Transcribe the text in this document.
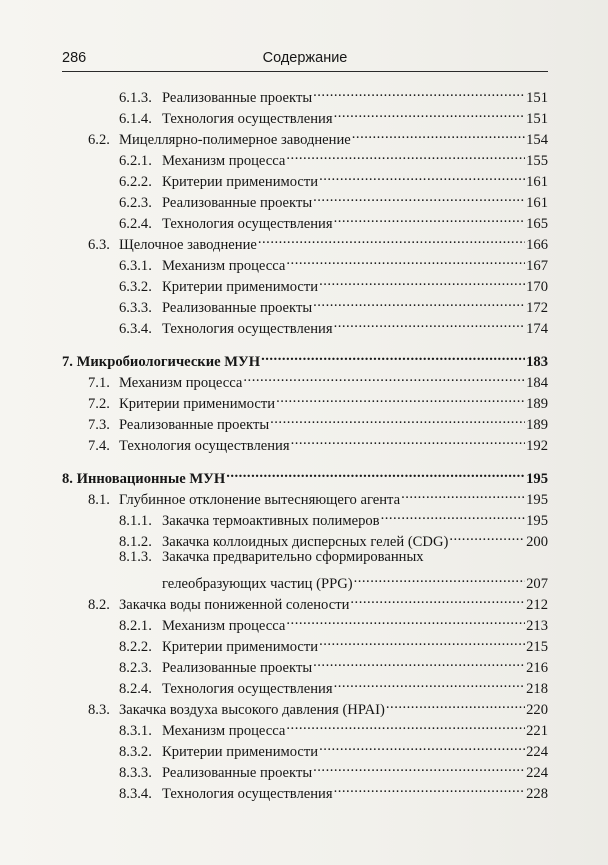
286	Содержание
6.1.3. Реализованные проекты .....	151
6.1.4. Технология осуществления .....	151
6.2. Мицеллярно-полимерное заводнение .....	154
6.2.1. Механизм процесса .....	155
6.2.2. Критерии применимости .....	161
6.2.3. Реализованные проекты .....	161
6.2.4. Технология осуществления .....	165
6.3. Щелочное заводнение .....	166
6.3.1. Механизм процесса .....	167
6.3.2. Критерии применимости .....	170
6.3.3. Реализованные проекты .....	172
6.3.4. Технология осуществления .....	174
7. Микробиологические МУН .....	183
7.1. Механизм процесса .....	184
7.2. Критерии применимости .....	189
7.3. Реализованные проекты .....	189
7.4. Технология осуществления .....	192
8. Инновационные МУН .....	195
8.1. Глубинное отклонение вытесняющего агента .....	195
8.1.1. Закачка термоактивных полимеров .....	195
8.1.2. Закачка коллоидных дисперсных гелей (CDG) .....	200
8.1.3. Закачка предварительно сформированных
гелеобразующих частиц (PPG) .....	207
8.2. Закачка воды пониженной солености .....	212
8.2.1. Механизм процесса .....	213
8.2.2. Критерии применимости .....	215
8.2.3. Реализованные проекты .....	216
8.2.4. Технология осуществления .....	218
8.3. Закачка воздуха высокого давления (HPAI) .....	220
8.3.1. Механизм процесса .....	221
8.3.2. Критерии применимости .....	224
8.3.3. Реализованные проекты .....	224
8.3.4. Технология осуществления .....	228
